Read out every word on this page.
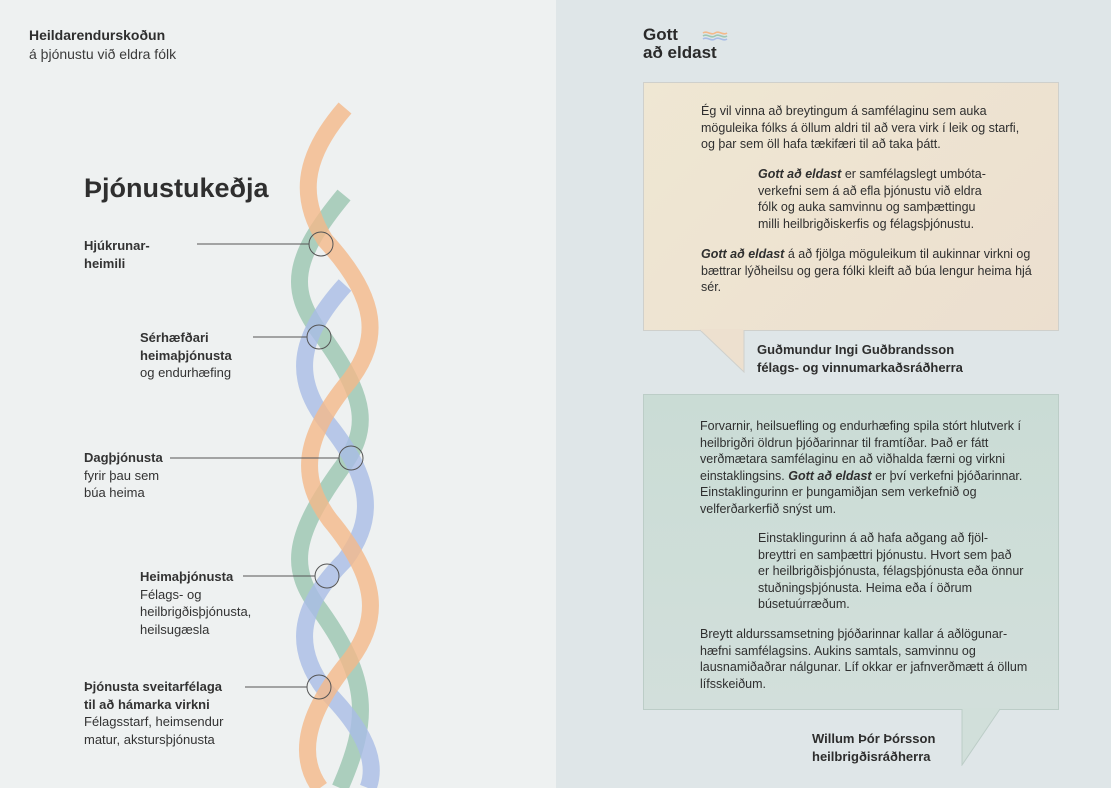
Heildarendurskoðun
á þjónustu við eldra fólk
Þjónustukeðja
Hjúkrunar-
heimili
Sérhæfðari
heimaþjónusta
og endurhæfing
Dagþjónusta
fyrir þau sem
búa heima
Heimaþjónusta
Félags- og
heilbrigðisþjónusta,
heilsugæsla
Þjónusta sveitarfélaga
til að hámarka virkni
Félagsstarf, heimsendur
matur, akstursþjónusta
Gott
að eldast
Ég vil vinna að breytingum á samfélaginu sem auka möguleika fólks á öllum aldri til að vera virk í leik og starfi, og þar sem öll hafa tækifæri til að taka þátt.
Gott að eldast er samfélagslegt umbóta- verkefni sem á að efla þjónustu við eldra fólk og auka samvinnu og samþættingu milli heilbrigðiskerfis og félagsþjónustu.
Gott að eldast á að fjölga möguleikum til aukinnar virkni og bættrar lýðheilsu og gera fólki kleift að búa lengur heima hjá sér.
Guðmundur Ingi Guðbrandsson
félags- og vinnumarkaðsráðherra
Forvarnir, heilsuefling og endurhæfing spila stórt hlutverk í heilbrigðri öldrun þjóðarinnar til framtíðar. Það er fátt verðmætara samfélaginu en að viðhalda færni og virkni einstaklingsins. Gott að eldast er því verkefni þjóðarinnar. Einstaklingurinn er þungamiðjan sem verkefnið og velferðarkerfið snýst um.
Einstaklingurinn á að hafa aðgang að fjöl- breyttri en samþættri þjónustu. Hvort sem það er heilbrigðisþjónusta, félagsþjónusta eða önnur stuðningsþjónusta. Heima eða í öðrum búsetuúrræðum.
Breytt aldurssamsetning þjóðarinnar kallar á aðlögunar- hæfni samfélagsins. Aukins samtals, samvinnu og lausnamiðaðrar nálgunar. Líf okkar er jafnverðmætt á öllum lífsskeiðum.
Willum Þór Þórsson
heilbrigðisráðherra
